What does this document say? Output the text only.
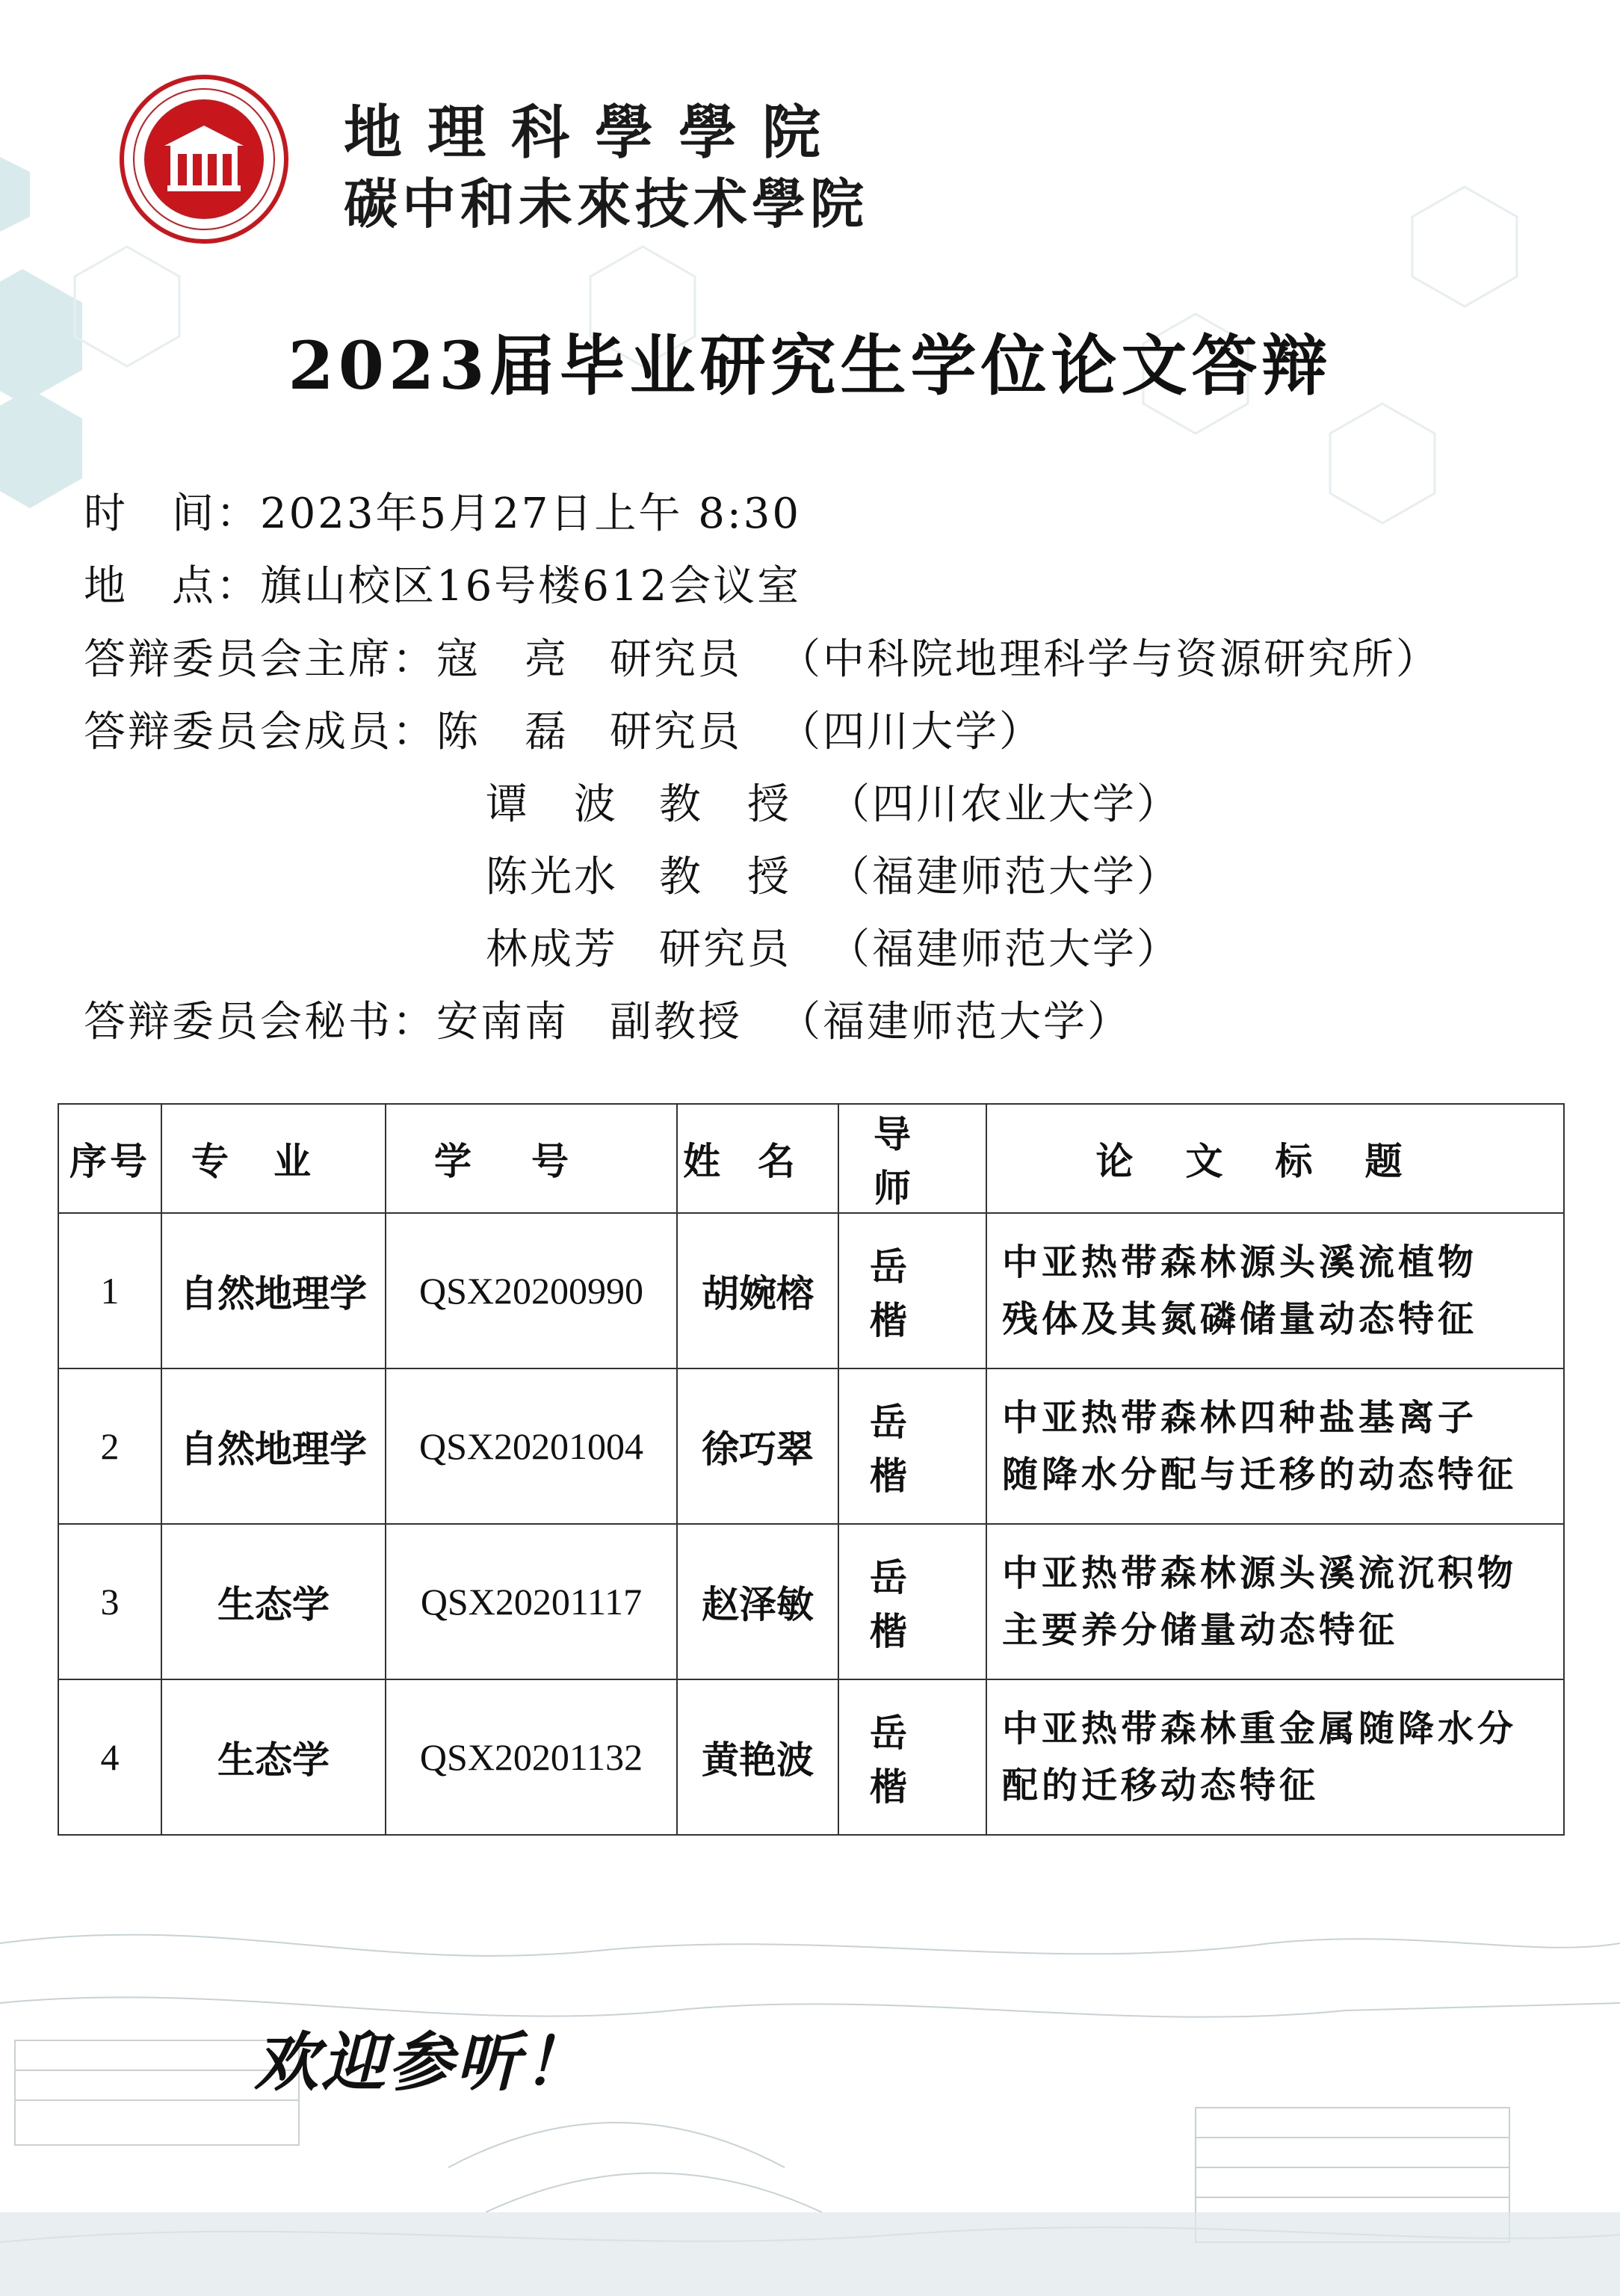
地理科學學院
碳中和未來技术學院
2023届毕业研究生学位论文答辩
时　间：2023年5月27日上午 8:30
地　点：旗山校区16号楼612会议室
答辩委员会主席：寇　亮 研究员 （中科院地理科学与资源研究所）
答辩委员会成员：陈　磊 研究员 （四川大学）
谭　波 教　授 （四川农业大学）
陈光水 教　授 （福建师范大学）
林成芳 研究员 （福建师范大学）
答辩委员会秘书：安南南 副教授 （福建师范大学）
序号	专业	学号	姓名	导师	论文标题
1	自然地理学	QSX20200990	胡婉榕	岳楷	中亚热带森林源头溪流植物
残体及其氮磷储量动态特征

2	自然地理学	QSX20201004	徐巧翠	岳楷	中亚热带森林四种盐基离子
随降水分配与迁移的动态特征

3	生态学	QSX20201117	赵泽敏	岳楷	中亚热带森林源头溪流沉积物
主要养分储量动态特征

4	生态学	QSX20201132	黄艳波	岳楷	中亚热带森林重金属随降水分
配的迁移动态特征
欢迎参听！
